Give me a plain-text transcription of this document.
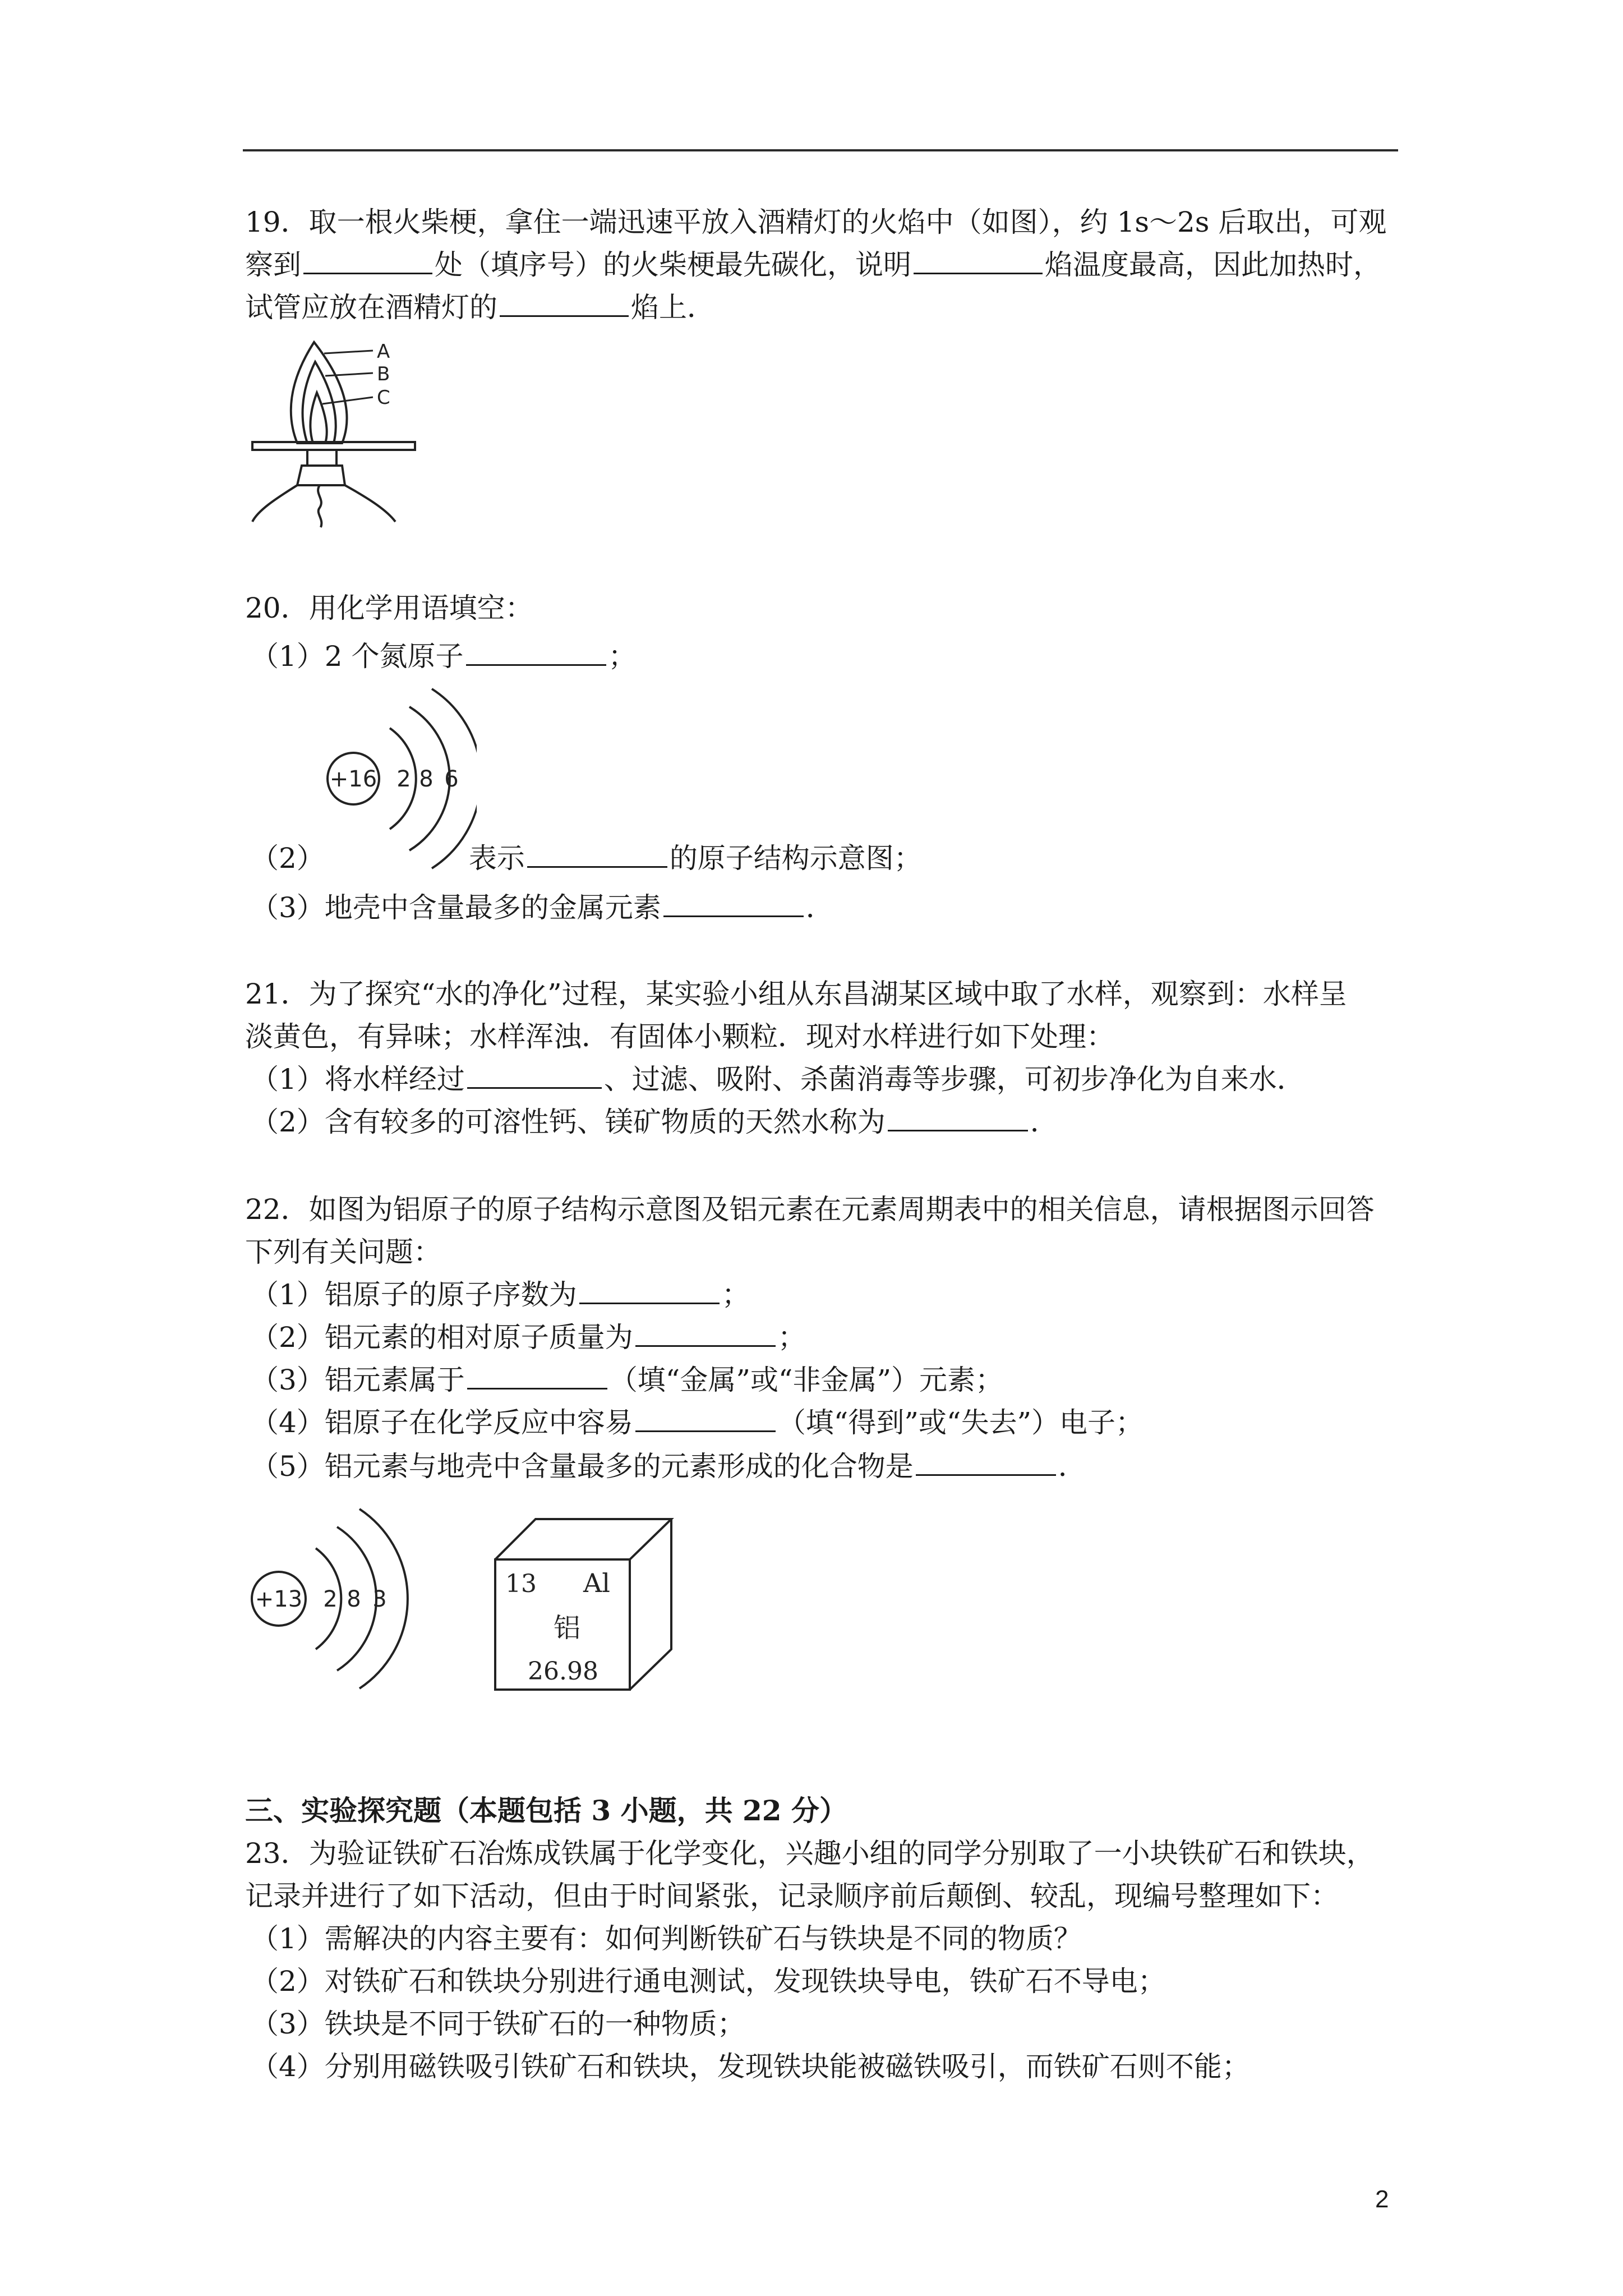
19．取一根火柴梗，拿住一端迅速平放入酒精灯的火焰中（如图），约 1s～2s 后取出，可观
察到	处（填序号）的火柴梗最先碳化，说明	焰温度最高，因此加热时，
试管应放在酒精灯的	焰上．
A
B
C
20．用化学用语填空：
（1）2 个氮原子	；
+16 2 8 6
（2）	表示	的原子结构示意图；
（3）地壳中含量最多的金属元素	．
21．为了探究“水的净化”过程，某实验小组从东昌湖某区域中取了水样，观察到：水样呈
淡黄色，有异味；水样浑浊．有固体小颗粒．现对水样进行如下处理：
（1）将水样经过	、过滤、吸附、杀菌消毒等步骤，可初步净化为自来水．
（2）含有较多的可溶性钙、镁矿物质的天然水称为	．
22．如图为铝原子的原子结构示意图及铝元素在元素周期表中的相关信息，请根据图示回答
下列有关问题：
（1）铝原子的原子序数为	；
（2）铝元素的相对原子质量为	；
（3）铝元素属于	（填“金属”或“非金属”）元素；
（4）铝原子在化学反应中容易	（填“得到”或“失去”）电子；
（5）铝元素与地壳中含量最多的元素形成的化合物是	．
+13 2 8 3
13 Al
铝
26.98
三、实验探究题（本题包括 3 小题，共 22 分）
23．为验证铁矿石冶炼成铁属于化学变化，兴趣小组的同学分别取了一小块铁矿石和铁块，
记录并进行了如下活动，但由于时间紧张，记录顺序前后颠倒、较乱，现编号整理如下：
（1）需解决的内容主要有：如何判断铁矿石与铁块是不同的物质？
（2）对铁矿石和铁块分别进行通电测试，发现铁块导电，铁矿石不导电；
（3）铁块是不同于铁矿石的一种物质；
（4）分别用磁铁吸引铁矿石和铁块，发现铁块能被磁铁吸引，而铁矿石则不能；
2
